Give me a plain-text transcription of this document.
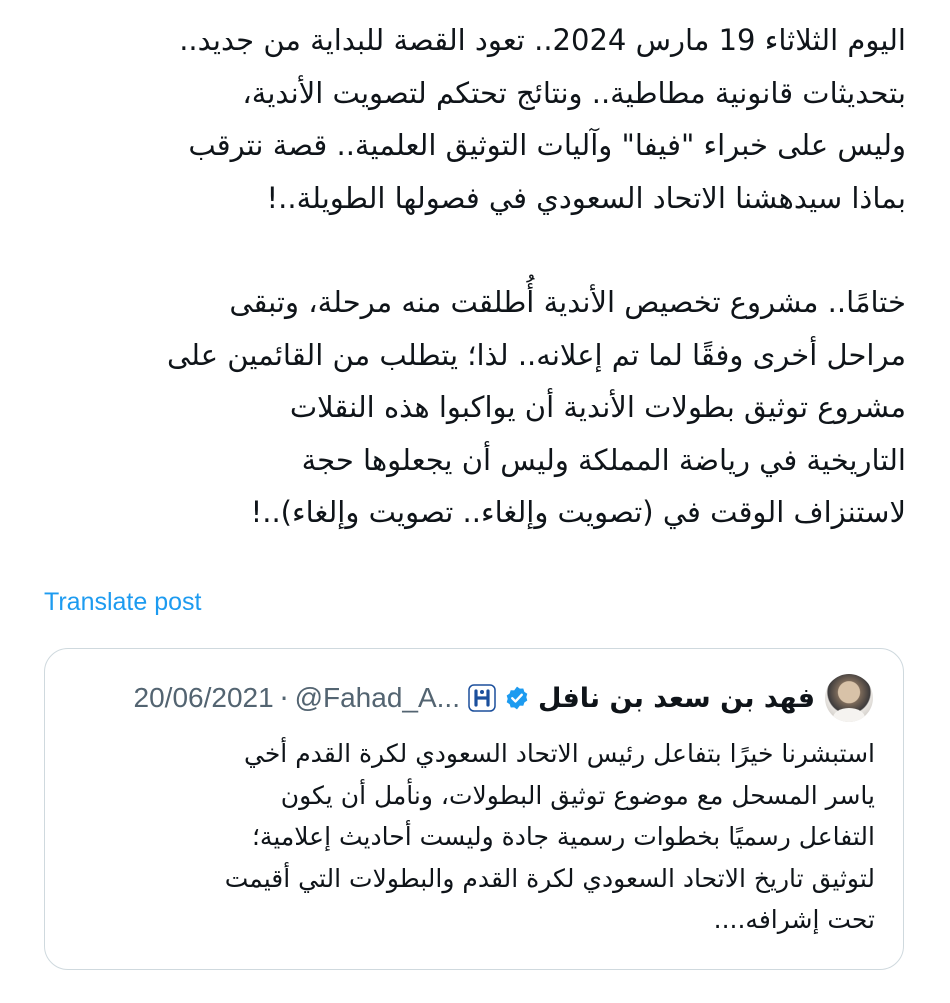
اليوم الثلاثاء 19 مارس 2024.. تعود القصة للبداية من جديد..
بتحديثات قانونية مطاطية.. ونتائج تحتكم لتصويت الأندية،
وليس على خبراء "فيفا" وآليات التوثيق العلمية.. قصة نترقب
بماذا سيدهشنا الاتحاد السعودي في فصولها الطويلة..!

ختامًا.. مشروع تخصيص الأندية أُطلقت منه مرحلة، وتبقى
مراحل أخرى وفقًا لما تم إعلانه.. لذا؛ يتطلب من القائمين على
مشروع توثيق بطولات الأندية أن يواكبوا هذه النقلات
التاريخية في رياضة المملكة وليس أن يجعلوها حجة
لاستنزاف الوقت في (تصويت وإلغاء.. تصويت وإلغاء)..!

Translate post
فهد بن سعد بن نافل
@Fahad_A...
·
20/06/2021

استبشرنا خيرًا بتفاعل رئيس الاتحاد السعودي لكرة القدم أخي
ياسر المسحل مع موضوع توثيق البطولات، ونأمل أن يكون
التفاعل رسميًا بخطوات رسمية جادة وليست أحاديث إعلامية؛
لتوثيق تاريخ الاتحاد السعودي لكرة القدم والبطولات التي أقيمت
تحت إشرافه....
